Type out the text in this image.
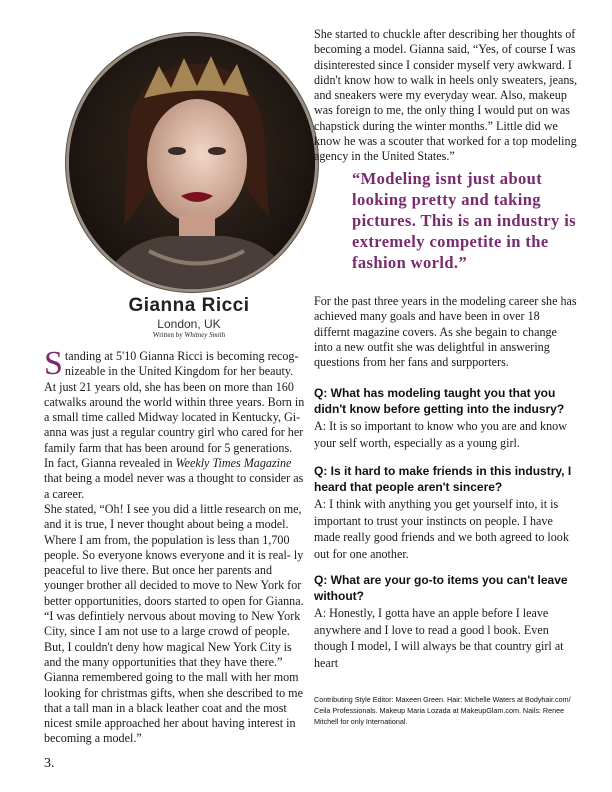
Gianna Ricci
London, UK
Written by Whitney Smith

Standing at 5'10 Gianna Ricci is becoming recog- nizeable in the United Kingdom for her beauty. At just 21 years old, she has been on more than 160 catwalks around the world within three years. Born in a small time called Midway located in Kentucky, Gi- anna was just a regular country girl who cared for her family farm that has been around for 5 generations.

In fact, Gianna revealed in Weekly Times Magazine that being a model never was a thought to consider as a career.

She stated, “Oh! I see you did a little research on me, and it is true, I never thought about being a model. Where I am from, the population is less than 1,700 people. So everyone knows everyone and it is real- ly peaceful to live there. But once her parents and younger brother all decided to move to New York for better opportunities, doors started to open for Gianna.

“I was defintiely nervous about moving to New York City, since I am not use to a large crowd of people. But, I couldn't deny how magical New York City is and the many opportunities that they have there.”

Gianna remembered going to the mall with her mom looking for christmas gifts, when she described to me that a tall man in a black leather coat and the most nicest smile approached her about having interest in becoming a model.”

She started to chuckle after describing her thoughts of becoming a model. Gianna said, “Yes, of course I was disinterested since I consider myself very awkward. I didn't know how to walk in heels only sweaters, jeans, and sneakers were my everyday wear. Also, makeup was foreign to me, the only thing I would put on was chapstick during the winter months.” Little did we know he was a scouter that worked for a top modeling agency in the United States.”

“Modeling isnt just about looking pretty and taking pictures. This is an industry is extremely competite in the fashion world.”

For the past three years in the modeling career she has achieved many goals and have been in over 18 differnt magazine covers. As she begain to change into a new outfit she was delightful in answering questions from her fans and surpporters.

Q: What has modeling taught you that you didn't know before getting into the indusry?
A: It is so important to know who you are and know your self worth, especially as a young girl.
Q: Is it hard to make friends in this industry, I heard that people aren't sincere?
A: I think with anything you get yourself into, it is important to trust your instincts on people. I have made really good friends and we both agreed to look out for one another.
Q: What are your go-to items you can't leave without?
A: Honestly, I gotta have an apple before I leave anywhere and I love to read a good l book. Even though I model, I will always be that country girl at heart
Contributing Style Editor: Maxeen Green. Hair: Michelle Waters at Bodyhair.com/ Ceila Professionals. Makeup Maria Lozada at MakeupGlam.com. Nails: Renee Mitchell for only International.
3.
